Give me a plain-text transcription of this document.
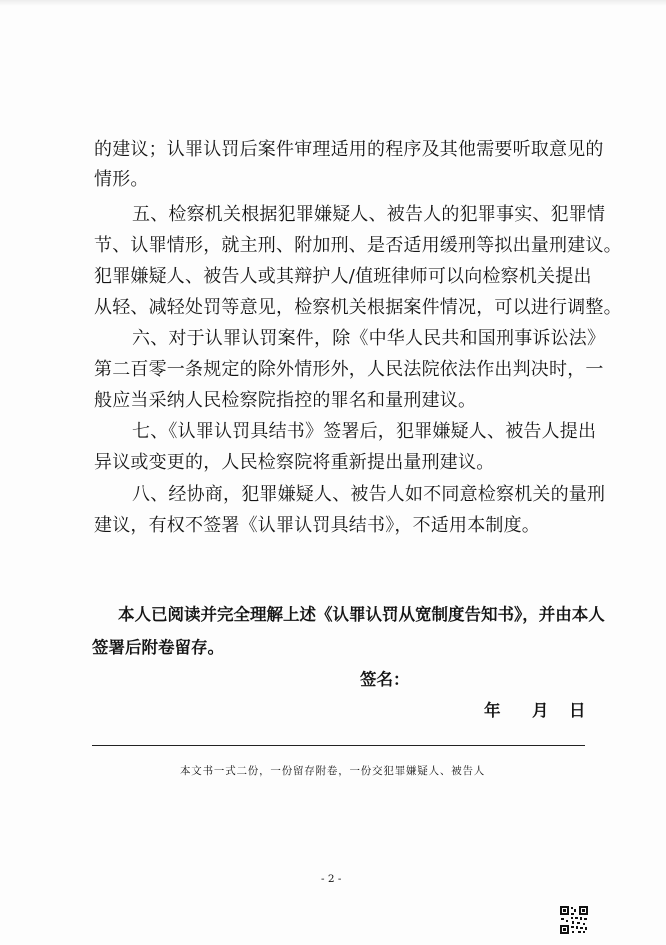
的建议；认罪认罚后案件审理适用的程序及其他需要听取意见的
情形。
五、检察机关根据犯罪嫌疑人、被告人的犯罪事实、犯罪情
节、认罪情形，就主刑、附加刑、是否适用缓刑等拟出量刑建议。
犯罪嫌疑人、被告人或其辩护人/值班律师可以向检察机关提出
从轻、减轻处罚等意见，检察机关根据案件情况，可以进行调整。
六、对于认罪认罚案件，除《中华人民共和国刑事诉讼法》
第二百零一条规定的除外情形外，人民法院依法作出判决时，一
般应当采纳人民检察院指控的罪名和量刑建议。
七、《认罪认罚具结书》签署后，犯罪嫌疑人、被告人提出
异议或变更的，人民检察院将重新提出量刑建议。
八、经协商，犯罪嫌疑人、被告人如不同意检察机关的量刑
建议，有权不签署《认罪认罚具结书》，不适用本制度。
本人已阅读并完全理解上述《认罪认罚从宽制度告知书》，并由本人
签署后附卷留存。
签名：
年 月 日
本文书一式二份，一份留存附卷，一份交犯罪嫌疑人、被告人
- 2 -
